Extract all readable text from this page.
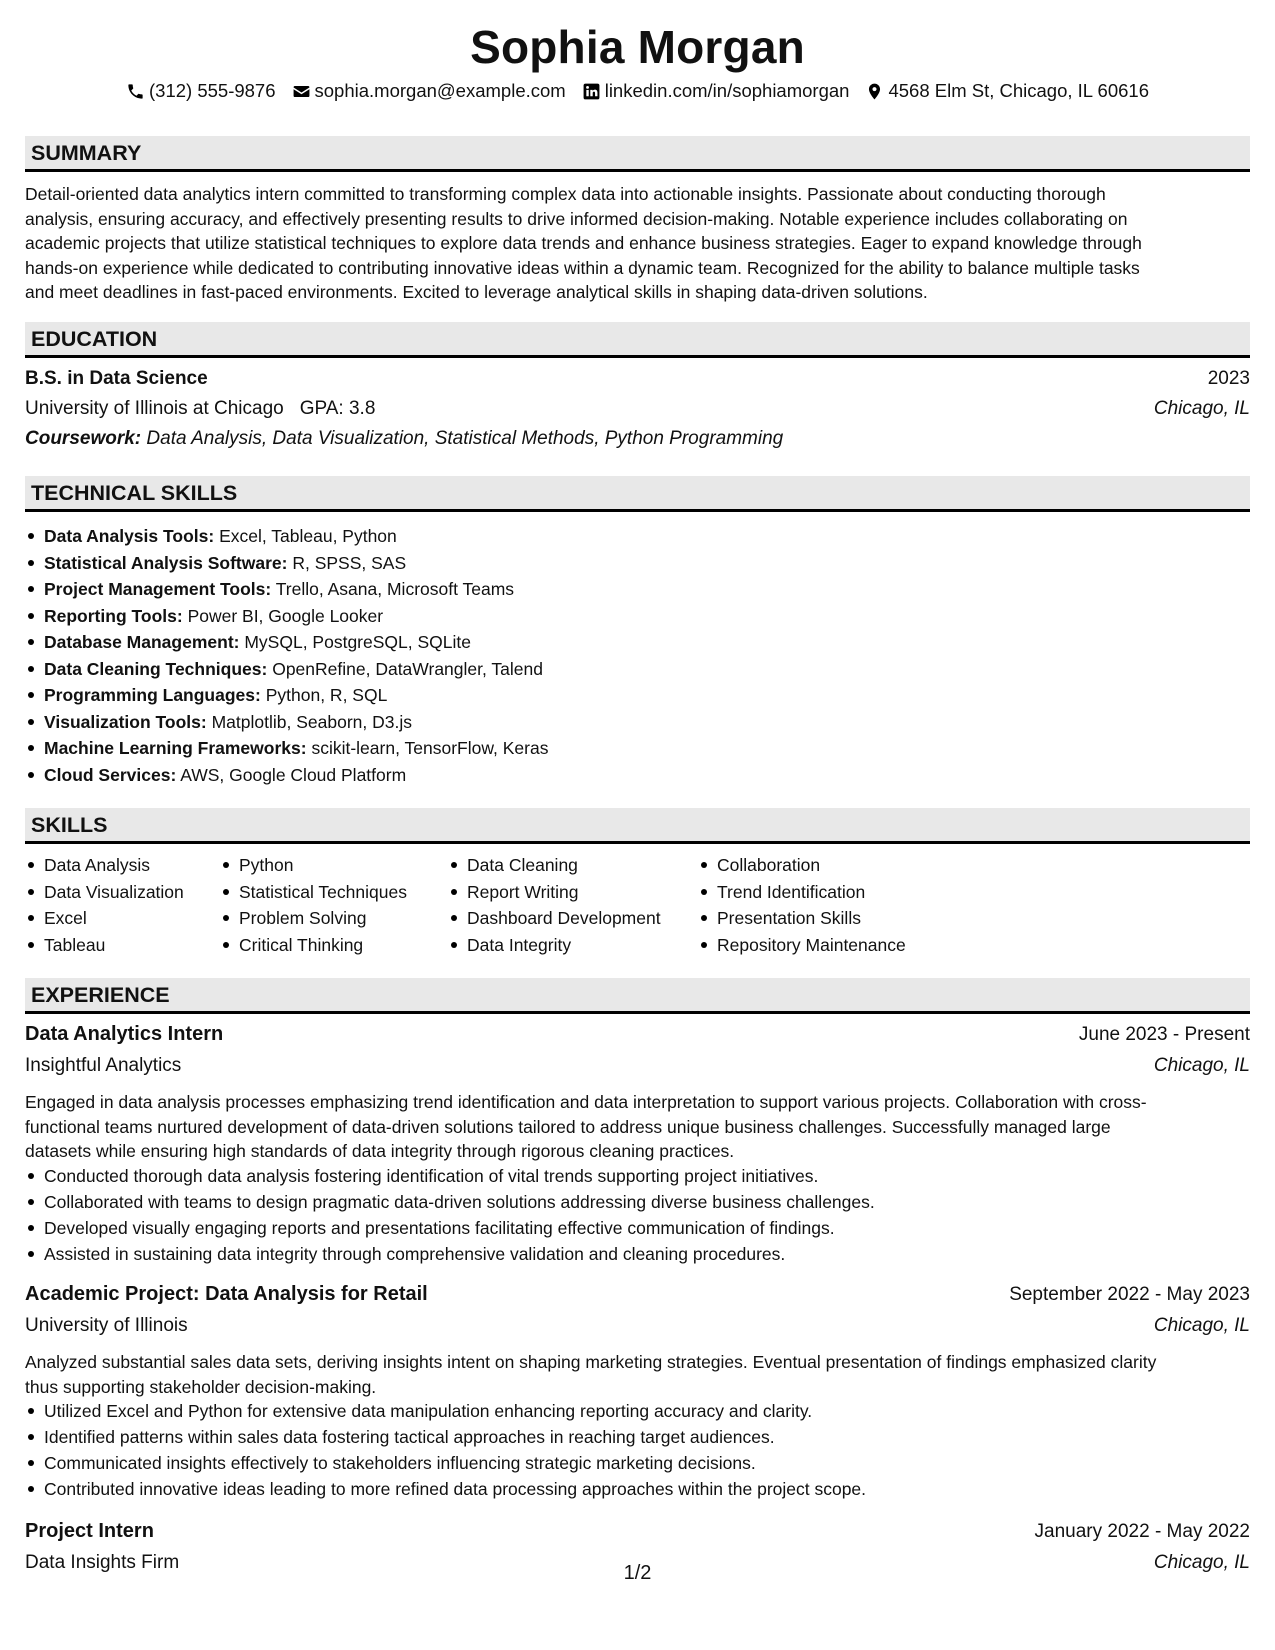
Sophia Morgan
(312) 555-9876 sophia.morgan@example.com linkedin.com/in/sophiamorgan 4568 Elm St, Chicago, IL 60616
SUMMARY
Detail-oriented data analytics intern committed to transforming complex data into actionable insights. Passionate about conducting thorough
analysis, ensuring accuracy, and effectively presenting results to drive informed decision-making. Notable experience includes collaborating on
academic projects that utilize statistical techniques to explore data trends and enhance business strategies. Eager to expand knowledge through
hands-on experience while dedicated to contributing innovative ideas within a dynamic team. Recognized for the ability to balance multiple tasks
and meet deadlines in fast-paced environments. Excited to leverage analytical skills in shaping data-driven solutions.
EDUCATION
B.S. in Data Science	2023
University of Illinois at Chicago GPA: 3.8	Chicago, IL
Coursework: Data Analysis, Data Visualization, Statistical Methods, Python Programming
TECHNICAL SKILLS
Data Analysis Tools: Excel, Tableau, Python
Statistical Analysis Software: R, SPSS, SAS
Project Management Tools: Trello, Asana, Microsoft Teams
Reporting Tools: Power BI, Google Looker
Database Management: MySQL, PostgreSQL, SQLite
Data Cleaning Techniques: OpenRefine, DataWrangler, Talend
Programming Languages: Python, R, SQL
Visualization Tools: Matplotlib, Seaborn, D3.js
Machine Learning Frameworks: scikit-learn, TensorFlow, Keras
Cloud Services: AWS, Google Cloud Platform
SKILLS
Data Analysis
Data Visualization
Excel
Tableau
Python
Statistical Techniques
Problem Solving
Critical Thinking
Data Cleaning
Report Writing
Dashboard Development
Data Integrity
Collaboration
Trend Identification
Presentation Skills
Repository Maintenance
EXPERIENCE
Data Analytics Intern	June 2023 - Present
Insightful Analytics	Chicago, IL
Engaged in data analysis processes emphasizing trend identification and data interpretation to support various projects. Collaboration with cross-
functional teams nurtured development of data-driven solutions tailored to address unique business challenges. Successfully managed large
datasets while ensuring high standards of data integrity through rigorous cleaning practices.
Conducted thorough data analysis fostering identification of vital trends supporting project initiatives.
Collaborated with teams to design pragmatic data-driven solutions addressing diverse business challenges.
Developed visually engaging reports and presentations facilitating effective communication of findings.
Assisted in sustaining data integrity through comprehensive validation and cleaning procedures.
Academic Project: Data Analysis for Retail	September 2022 - May 2023
University of Illinois	Chicago, IL
Analyzed substantial sales data sets, deriving insights intent on shaping marketing strategies. Eventual presentation of findings emphasized clarity
thus supporting stakeholder decision-making.
Utilized Excel and Python for extensive data manipulation enhancing reporting accuracy and clarity.
Identified patterns within sales data fostering tactical approaches in reaching target audiences.
Communicated insights effectively to stakeholders influencing strategic marketing decisions.
Contributed innovative ideas leading to more refined data processing approaches within the project scope.
Project Intern	January 2022 - May 2022
Data Insights Firm	Chicago, IL
1/2
